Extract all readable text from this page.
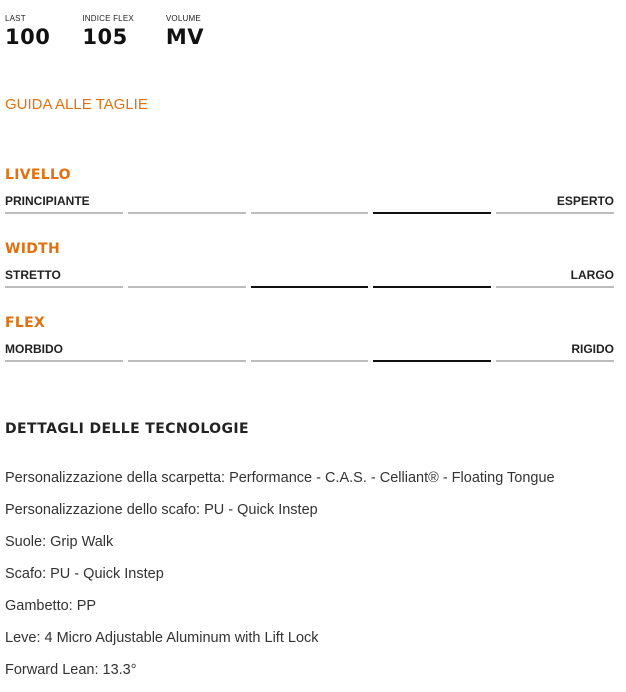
LAST
100
INDICE FLEX
105
VOLUME
MV
GUIDA ALLE TAGLIE
LIVELLO
PRINCIPIANTE	ESPERTO
WIDTH
STRETTO	LARGO
FLEX
MORBIDO	RIGIDO
DETTAGLI DELLE TECNOLOGIE
Personalizzazione della scarpetta: Performance - C.A.S. - Celliant® - Floating Tongue
Personalizzazione dello scafo: PU - Quick Instep
Suole: Grip Walk
Scafo: PU - Quick Instep
Gambetto: PP
Leve: 4 Micro Adjustable Aluminum with Lift Lock
Forward Lean: 13.3°
